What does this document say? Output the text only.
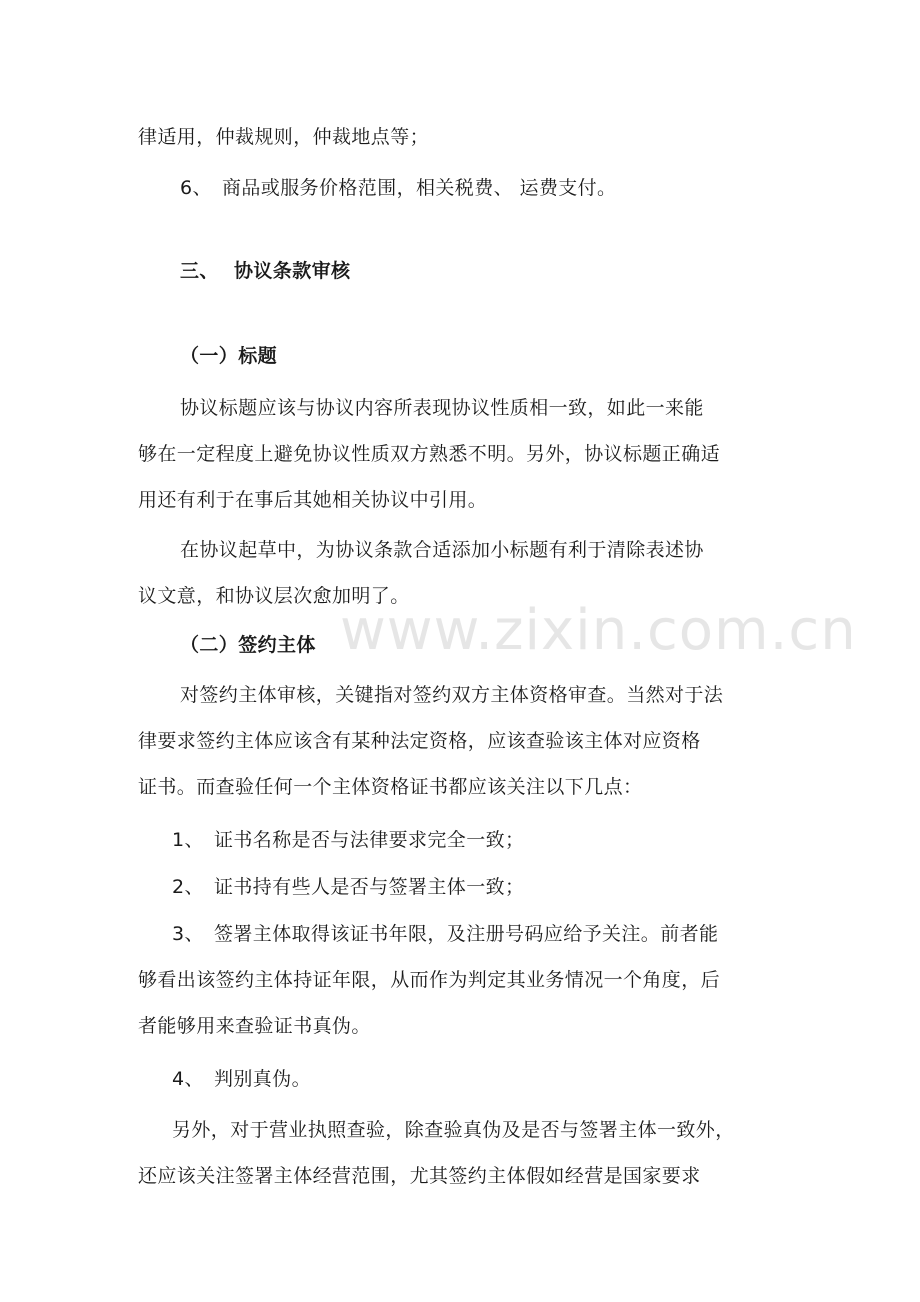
www.zixin.com.cn
律适用，仲裁规则，仲裁地点等；
6、 商品或服务价格范围，相关税费、 运费支付。
三、 协议条款审核
（一）标题
协议标题应该与协议内容所表现协议性质相一致，如此一来能
够在一定程度上避免协议性质双方熟悉不明。另外，协议标题正确适
用还有利于在事后其她相关协议中引用。
在协议起草中，为协议条款合适添加小标题有利于清除表述协
议文意，和协议层次愈加明了。
（二）签约主体
对签约主体审核，关键指对签约双方主体资格审查。当然对于法
律要求签约主体应该含有某种法定资格，应该查验该主体对应资格
证书。而查验任何一个主体资格证书都应该关注以下几点：
1、 证书名称是否与法律要求完全一致；
2、 证书持有些人是否与签署主体一致；
3、 签署主体取得该证书年限，及注册号码应给予关注。前者能
够看出该签约主体持证年限，从而作为判定其业务情况一个角度，后
者能够用来查验证书真伪。
4、 判别真伪。
另外，对于营业执照查验，除查验真伪及是否与签署主体一致外，
还应该关注签署主体经营范围，尤其签约主体假如经营是国家要求
